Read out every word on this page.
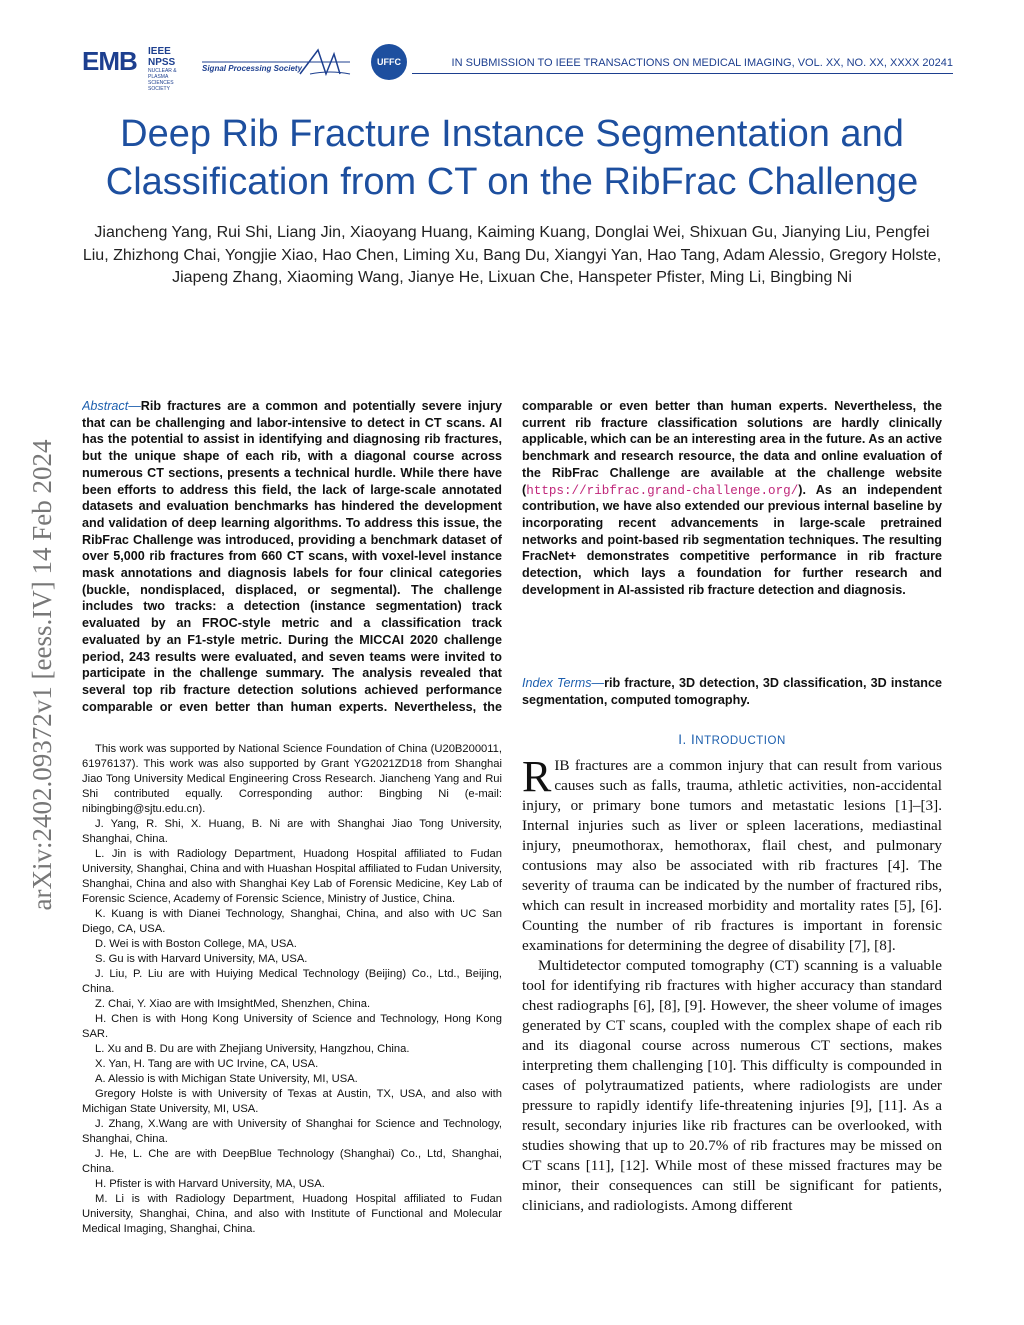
EMB IEEE NPSS
NUCLEAR & PLASMA SCIENCES SOCIETY
Signal Processing Society
UFFC	IN SUBMISSION TO IEEE TRANSACTIONS ON MEDICAL IMAGING, VOL. XX, NO. XX, XXXX 20241
Deep Rib Fracture Instance Segmentation and Classification from CT on the RibFrac Challenge
Jiancheng Yang, Rui Shi, Liang Jin, Xiaoyang Huang, Kaiming Kuang, Donglai Wei, Shixuan Gu, Jianying Liu, Pengfei Liu, Zhizhong Chai, Yongjie Xiao, Hao Chen, Liming Xu, Bang Du, Xiangyi Yan, Hao Tang, Adam Alessio, Gregory Holste, Jiapeng Zhang, Xiaoming Wang, Jianye He, Lixuan Che, Hanspeter Pfister, Ming Li, Bingbing Ni
arXiv:2402.09372v1 [eess.IV] 14 Feb 2024
Abstract—Rib fractures are a common and potentially severe injury that can be challenging and labor-intensive to detect in CT scans. AI has the potential to assist in identifying and diagnosing rib fractures, but the unique shape of each rib, with a diagonal course across numerous CT sections, presents a technical hurdle. While there have been efforts to address this field, the lack of large-scale annotated datasets and evaluation benchmarks has hindered the development and validation of deep learning algorithms. To address this issue, the RibFrac Challenge was introduced, providing a benchmark dataset of over 5,000 rib fractures from 660 CT scans, with voxel-level instance mask annotations and diagnosis labels for four clinical categories (buckle, nondisplaced, displaced, or segmental). The challenge includes two tracks: a detection (instance segmentation) track evaluated by an FROC-style metric and a classification track evaluated by an F1-style metric. During the MICCAI 2020 challenge period, 243 results were evaluated, and seven teams were invited to participate in the challenge summary. The analysis revealed that several top rib fracture detection solutions achieved performance comparable or even better than human experts. Nevertheless, the
comparable or even better than human experts. Nevertheless, the current rib fracture classification solutions are hardly clinically applicable, which can be an interesting area in the future. As an active benchmark and research resource, the data and online evaluation of the RibFrac Challenge are available at the challenge website (https://ribfrac.grand-challenge.org/). As an independent contribution, we have also extended our previous internal baseline by incorporating recent advancements in large-scale pretrained networks and point-based rib segmentation techniques. The resulting FracNet+ demonstrates competitive performance in rib fracture detection, which lays a foundation for further research and development in AI-assisted rib fracture detection and diagnosis.
Index Terms—rib fracture, 3D detection, 3D classification, 3D instance segmentation, computed tomography.

This work was supported by National Science Foundation of China (U20B200011, 61976137). This work was also supported by Grant YG2021ZD18 from Shanghai Jiao Tong University Medical Engineering Cross Research. Jiancheng Yang and Rui Shi contributed equally. Corresponding author: Bingbing Ni (e-mail: nibingbing@sjtu.edu.cn).

J. Yang, R. Shi, X. Huang, B. Ni are with Shanghai Jiao Tong University, Shanghai, China.

L. Jin is with Radiology Department, Huadong Hospital affiliated to Fudan University, Shanghai, China and with Huashan Hospital affiliated to Fudan University, Shanghai, China and also with Shanghai Key Lab of Forensic Medicine, Key Lab of Forensic Science, Academy of Forensic Science, Ministry of Justice, China.

K. Kuang is with Dianei Technology, Shanghai, China, and also with UC San Diego, CA, USA.

D. Wei is with Boston College, MA, USA.

S. Gu is with Harvard University, MA, USA.

J. Liu, P. Liu are with Huiying Medical Technology (Beijing) Co., Ltd., Beijing, China.

Z. Chai, Y. Xiao are with ImsightMed, Shenzhen, China.

H. Chen is with Hong Kong University of Science and Technology, Hong Kong SAR.

L. Xu and B. Du are with Zhejiang University, Hangzhou, China.

X. Yan, H. Tang are with UC Irvine, CA, USA.

A. Alessio is with Michigan State University, MI, USA.

Gregory Holste is with University of Texas at Austin, TX, USA, and also with Michigan State University, MI, USA.

J. Zhang, X.Wang are with University of Shanghai for Science and Technology, Shanghai, China.

J. He, L. Che are with DeepBlue Technology (Shanghai) Co., Ltd, Shanghai, China.

H. Pfister is with Harvard University, MA, USA.

M. Li is with Radiology Department, Huadong Hospital affiliated to Fudan University, Shanghai, China, and also with Institute of Functional and Molecular Medical Imaging, Shanghai, China.

I. INTRODUCTION

RIB fractures are a common injury that can result from various causes such as falls, trauma, athletic activities, non-accidental injury, or primary bone tumors and metastatic lesions [1]–[3]. Internal injuries such as liver or spleen lacerations, mediastinal injury, pneumothorax, hemothorax, flail chest, and pulmonary contusions may also be associated with rib fractures [4]. The severity of trauma can be indicated by the number of fractured ribs, which can result in increased morbidity and mortality rates [5], [6]. Counting the number of rib fractures is important in forensic examinations for determining the degree of disability [7], [8].

Multidetector computed tomography (CT) scanning is a valuable tool for identifying rib fractures with higher accuracy than standard chest radiographs [6], [8], [9]. However, the sheer volume of images generated by CT scans, coupled with the complex shape of each rib and its diagonal course across numerous CT sections, makes interpreting them challenging [10]. This difficulty is compounded in cases of polytraumatized patients, where radiologists are under pressure to rapidly identify life-threatening injuries [9], [11]. As a result, secondary injuries like rib fractures can be overlooked, with studies showing that up to 20.7% of rib fractures may be missed on CT scans [11], [12]. While most of these missed fractures may be minor, their consequences can still be significant for patients, clinicians, and radiologists. Among different
